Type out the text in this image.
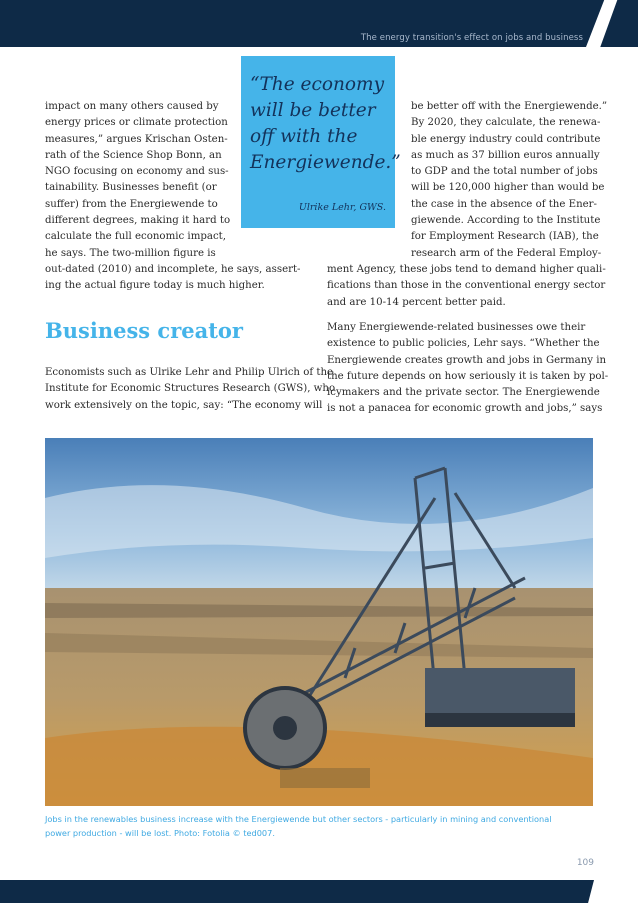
The energy transition's effect on jobs and business
impact on many others caused by
energy prices or climate protection
measures,” argues Krischan Osten-
rath of the Science Shop Bonn, an
NGO focusing on economy and sus-
tainability. Businesses benefit (or
suffer) from the Energiewende to
different degrees, making it hard to
calculate the full economic impact,
he says. The two-million figure is
out-dated (2010) and incomplete, he says, assert-
ing the actual figure today is much higher.
“The economy
will be better
off with the
Energiewende.”
Ulrike Lehr, GWS.
be better off with the Energiewende.”
By 2020, they calculate, the renewa-
ble energy industry could contribute
as much as 37 billion euros annually
to GDP and the total number of jobs
will be 120,000 higher than would be
the case in the absence of the Ener-
giewende. According to the Institute
for Employment Research (IAB), the
research arm of the Federal Employ-
ment Agency, these jobs tend to demand higher quali-
fications than those in the conventional energy sector
and are 10-14 percent better paid.
Business creator
Economists such as Ulrike Lehr and Philip Ulrich of the
Institute for Economic Structures Research (GWS), who
work extensively on the topic, say: “The economy will
Many Energiewende-related businesses owe their
existence to public policies, Lehr says. “Whether the
Energiewende creates growth and jobs in Germany in
the future depends on how seriously it is taken by pol-
icymakers and the private sector. The Energiewende
is not a panacea for economic growth and jobs,” says
Jobs in the renewables business increase with the Energiewende but other sectors - particularly in mining and conventional
power production - will be lost. Photo: Fotolia © ted007.
109
